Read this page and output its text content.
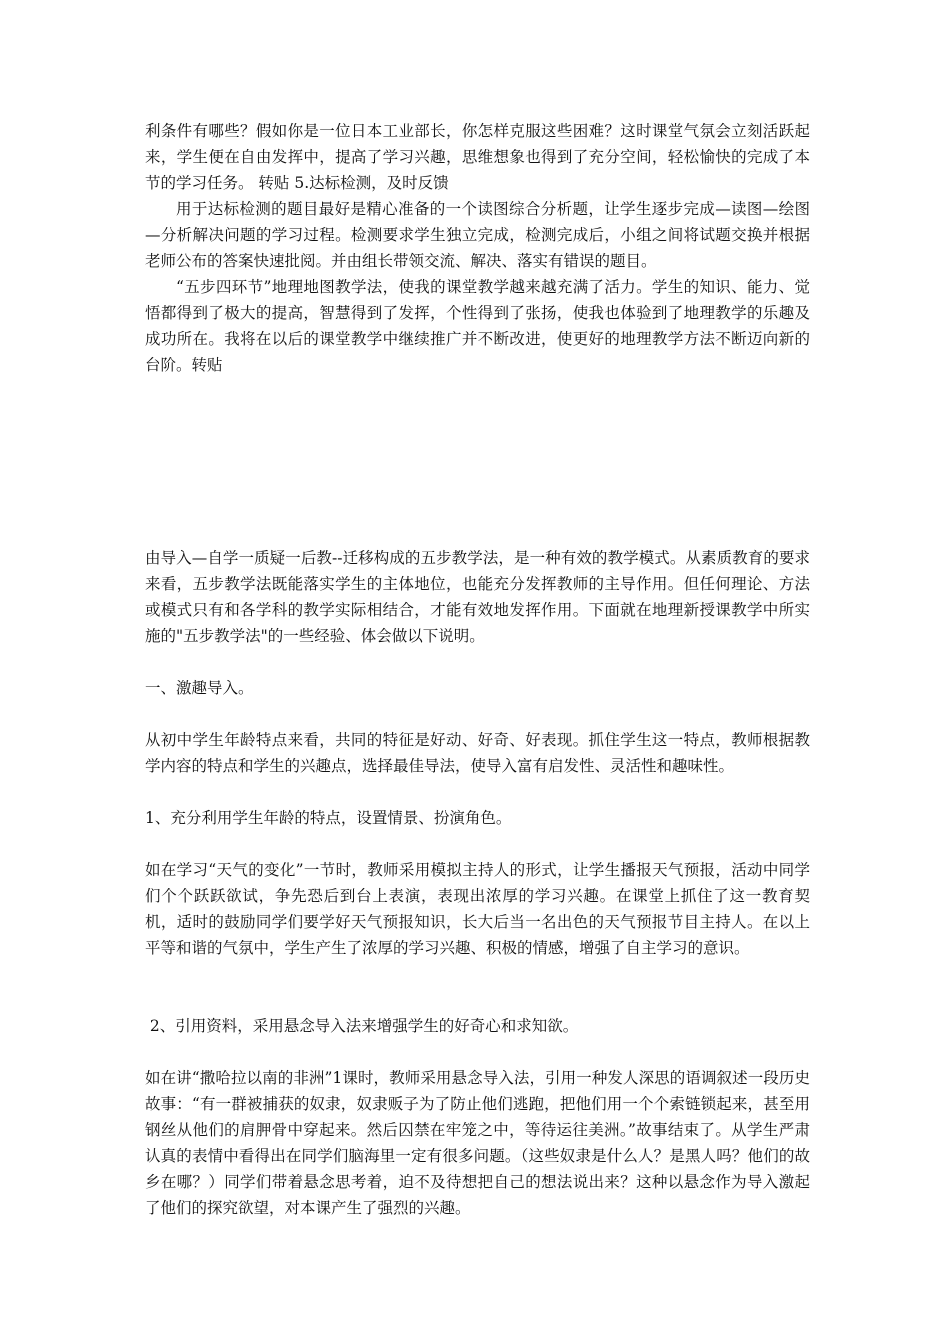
利条件有哪些？假如你是一位日本工业部长，你怎样克服这些困难？这时课堂气氛会立刻活跃起来，学生便在自由发挥中，提高了学习兴趣，思维想象也得到了充分空间，轻松愉快的完成了本节的学习任务。 转贴 5.达标检测，及时反馈

用于达标检测的题目最好是精心准备的一个读图综合分析题，让学生逐步完成—读图—绘图—分析解决问题的学习过程。检测要求学生独立完成，检测完成后，小组之间将试题交换并根据老师公布的答案快速批阅。并由组长带领交流、解决、落实有错误的题目。

“五步四环节”地理地图教学法，使我的课堂教学越来越充满了活力。学生的知识、能力、觉悟都得到了极大的提高，智慧得到了发挥，个性得到了张扬，使我也体验到了地理教学的乐趣及成功所在。我将在以后的课堂教学中继续推广并不断改进，使更好的地理教学方法不断迈向新的台阶。转贴

由导入—自学一质疑一后教--迁移构成的五步教学法，是一种有效的教学模式。从素质教育的要求来看，五步教学法既能落实学生的主体地位，也能充分发挥教师的主导作用。但任何理论、方法或模式只有和各学科的教学实际相结合，才能有效地发挥作用。下面就在地理新授课教学中所实施的"五步教学法"的一些经验、体会做以下说明。

一、激趣导入。

从初中学生年龄特点来看，共同的特征是好动、好奇、好表现。抓住学生这一特点，教师根据教学内容的特点和学生的兴趣点，选择最佳导法，使导入富有启发性、灵活性和趣味性。

1、充分利用学生年龄的特点，设置情景、扮演角色。

如在学习“天气的变化”一节时，教师采用模拟主持人的形式，让学生播报天气预报，活动中同学们个个跃跃欲试，争先恐后到台上表演，表现出浓厚的学习兴趣。在课堂上抓住了这一教育契机，适时的鼓励同学们要学好天气预报知识，长大后当一名出色的天气预报节目主持人。在以上平等和谐的气氛中，学生产生了浓厚的学习兴趣、积极的情感，增强了自主学习的意识。

2、引用资料，采用悬念导入法来增强学生的好奇心和求知欲。

如在讲“撒哈拉以南的非洲”1课时，教师采用悬念导入法，引用一种发人深思的语调叙述一段历史故事：“有一群被捕获的奴隶，奴隶贩子为了防止他们逃跑，把他们用一个个索链锁起来，甚至用钢丝从他们的肩胛骨中穿起来。然后囚禁在牢笼之中，等待运往美洲。”故事结束了。从学生严肃认真的表情中看得出在同学们脑海里一定有很多问题。（这些奴隶是什么人？是黑人吗？他们的故乡在哪？）同学们带着悬念思考着，迫不及待想把自己的想法说出来？这种以悬念作为导入激起了他们的探究欲望，对本课产生了强烈的兴趣。
